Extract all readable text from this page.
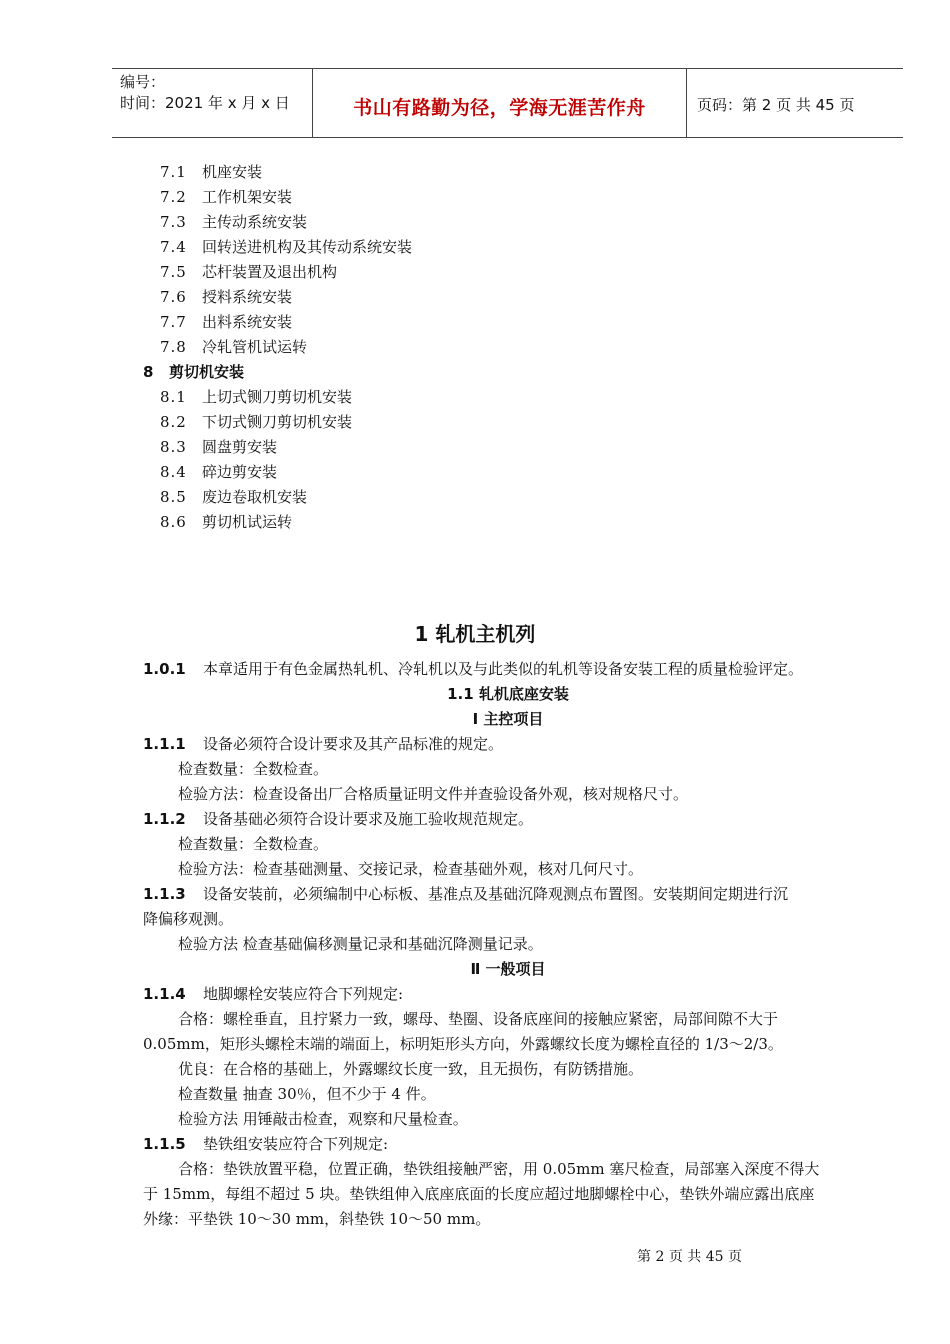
编号：
时间：2021 年 x 月 x 日	书山有路勤为径，学海无涯苦作舟	页码：第 2 页 共 45 页
7.1 机座安装
7.2 工作机架安装
7.3 主传动系统安装
7.4 回转送进机构及其传动系统安装
7.5 芯杆装置及退出机构
7.6 授料系统安装
7.7 出料系统安装
7.8 冷轧管机试运转
8 剪切机安装
8.1 上切式铡刀剪切机安装
8.2 下切式铡刀剪切机安装
8.3 圆盘剪安装
8.4 碎边剪安装
8.5 废边卷取机安装
8.6 剪切机试运转
1 轧机主机列
1.0.1 本章适用于有色金属热轧机、冷轧机以及与此类似的轧机等设备安装工程的质量检验评定。
1.1 轧机底座安装
Ⅰ 主控项目
1.1.1 设备必须符合设计要求及其产品标准的规定。
检查数量：全数检查。
检验方法：检查设备出厂合格质量证明文件并查验设备外观，核对规格尺寸。
1.1.2 设备基础必须符合设计要求及施工验收规范规定。
检查数量：全数检查。
检验方法：检查基础测量、交接记录，检查基础外观，核对几何尺寸。
1.1.3 设备安装前，必须编制中心标板、基准点及基础沉降观测点布置图。安装期间定期进行沉
降偏移观测。
检验方法 检查基础偏移测量记录和基础沉降测量记录。
Ⅱ 一般项目
1.1.4 地脚螺栓安装应符合下列规定:
合格：螺栓垂直，且拧紧力一致，螺母、垫圈、设备底座间的接触应紧密，局部间隙不大于
0.05mm，矩形头螺栓末端的端面上，标明矩形头方向，外露螺纹长度为螺栓直径的 1/3～2/3。
优良：在合格的基础上，外露螺纹长度一致，且无损伤，有防锈措施。
检查数量 抽查 30％，但不少于 4 件。
检验方法 用锤敲击检查，观察和尺量检查。
1.1.5 垫铁组安装应符合下列规定:
合格：垫铁放置平稳，位置正确，垫铁组接触严密，用 0.05mm 塞尺检查，局部塞入深度不得大
于 15mm，每组不超过 5 块。垫铁组伸入底座底面的长度应超过地脚螺栓中心，垫铁外端应露出底座
外缘：平垫铁 10～30 mm，斜垫铁 10～50 mm。
第 2 页 共 45 页
